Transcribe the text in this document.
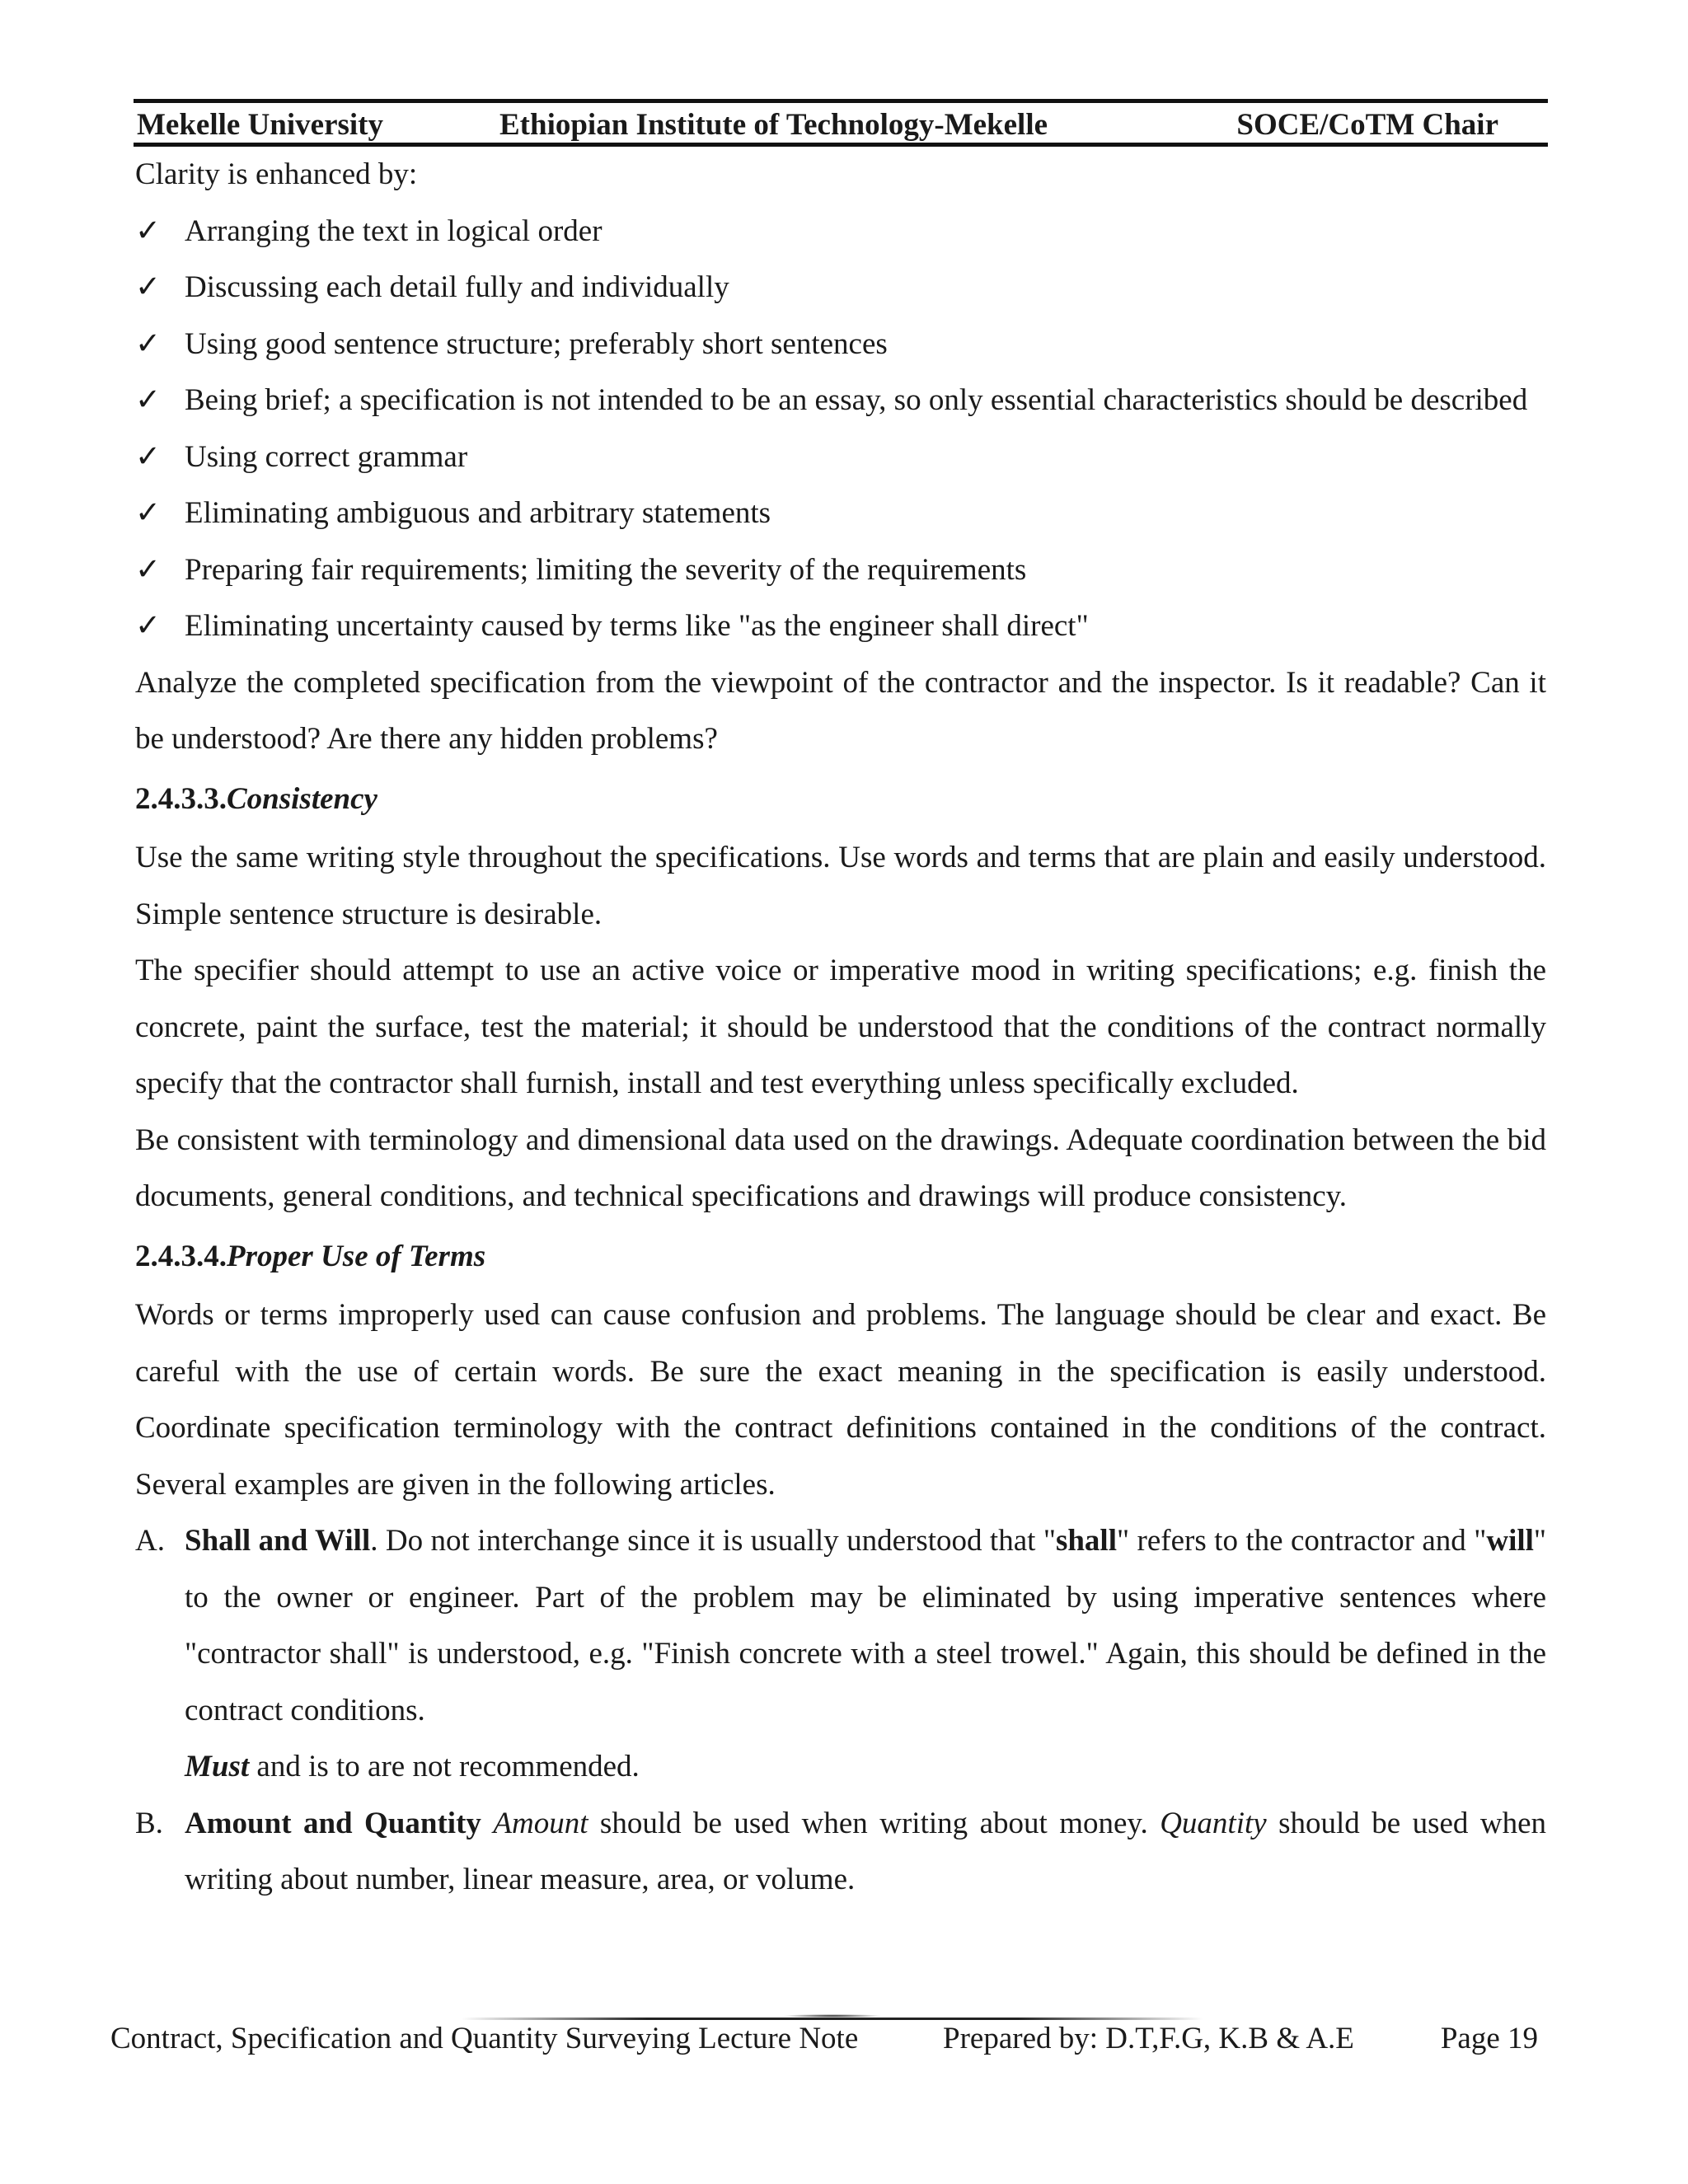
Mekelle University	Ethiopian Institute of Technology-Mekelle	SOCE/CoTM Chair

Clarity is enhanced by:

✓ Arranging the text in logical order
✓ Discussing each detail fully and individually
✓ Using good sentence structure; preferably short sentences
✓ Being brief; a specification is not intended to be an essay, so only essential characteristics should be described
✓ Using correct grammar
✓ Eliminating ambiguous and arbitrary statements
✓ Preparing fair requirements; limiting the severity of the requirements
✓ Eliminating uncertainty caused by terms like "as the engineer shall direct"

Analyze the completed specification from the viewpoint of the contractor and the inspector. Is it readable? Can it be understood? Are there any hidden problems?

2.4.3.3.Consistency

Use the same writing style throughout the specifications. Use words and terms that are plain and easily understood. Simple sentence structure is desirable.

The specifier should attempt to use an active voice or imperative mood in writing specifications; e.g. finish the concrete, paint the surface, test the material; it should be understood that the conditions of the contract normally specify that the contractor shall furnish, install and test everything unless specifically excluded.

Be consistent with terminology and dimensional data used on the drawings. Adequate coordination between the bid documents, general conditions, and technical specifications and drawings will produce consistency.

2.4.3.4.Proper Use of Terms

Words or terms improperly used can cause confusion and problems. The language should be clear and exact. Be careful with the use of certain words. Be sure the exact meaning in the specification is easily understood. Coordinate specification terminology with the contract definitions contained in the conditions of the contract. Several examples are given in the following articles.

A. Shall and Will. Do not interchange since it is usually understood that "shall" refers to the contractor and "will" to the owner or engineer. Part of the problem may be eliminated by using imperative sentences where "contractor shall" is understood, e.g. "Finish concrete with a steel trowel." Again, this should be defined in the contract conditions.
Must and is to are not recommended.
B. Amount and Quantity Amount should be used when writing about money. Quantity should be used when writing about number, linear measure, area, or volume.
Contract, Specification and Quantity Surveying Lecture Note	Prepared by: D.T,F.G, K.B & A.E	Page 19
